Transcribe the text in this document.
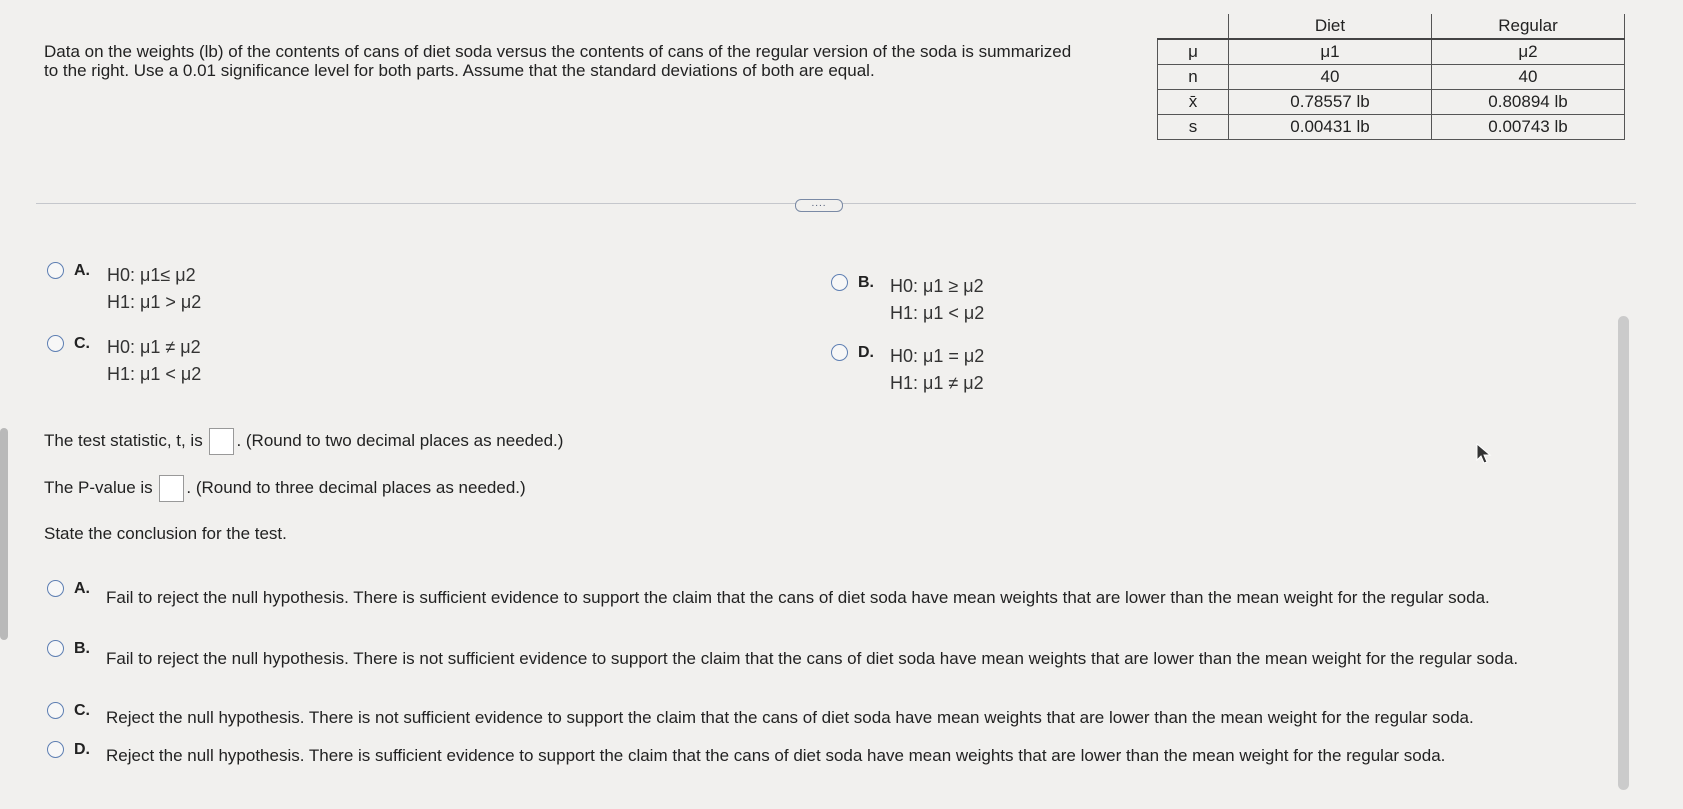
Data on the weights (lb) of the contents of cans of diet soda versus the contents of cans of the regular version of the soda is summarized to the right. Use a 0.01 significance level for both parts. Assume that the standard deviations of both are equal.
	Diet	Regular
μ	μ1	μ2
n	40	40
x̄	0.78557 lb	0.80894 lb
s	0.00431 lb	0.00743 lb
....
A. H0: μ1≤ μ2
H1: μ1 > μ2
B. H0: μ1 ≥ μ2
H1: μ1 < μ2
C. H0: μ1 ≠ μ2
H1: μ1 < μ2
D. H0: μ1 = μ2
H1: μ1 ≠ μ2
The test statistic, t, is . (Round to two decimal places as needed.)
The P-value is . (Round to three decimal places as needed.)
State the conclusion for the test.
A. Fail to reject the null hypothesis. There is sufficient evidence to support the claim that the cans of diet soda have mean weights that are lower than the mean weight for the regular soda.
B.
Fail to reject the null hypothesis. There is not sufficient evidence to support the claim that the cans of diet soda have mean weights that are lower than the mean weight for the regular soda.
C. Reject the null hypothesis. There is not sufficient evidence to support the claim that the cans of diet soda have mean weights that are lower than the mean weight for the regular soda.
D. Reject the null hypothesis. There is sufficient evidence to support the claim that the cans of diet soda have mean weights that are lower than the mean weight for the regular soda.
